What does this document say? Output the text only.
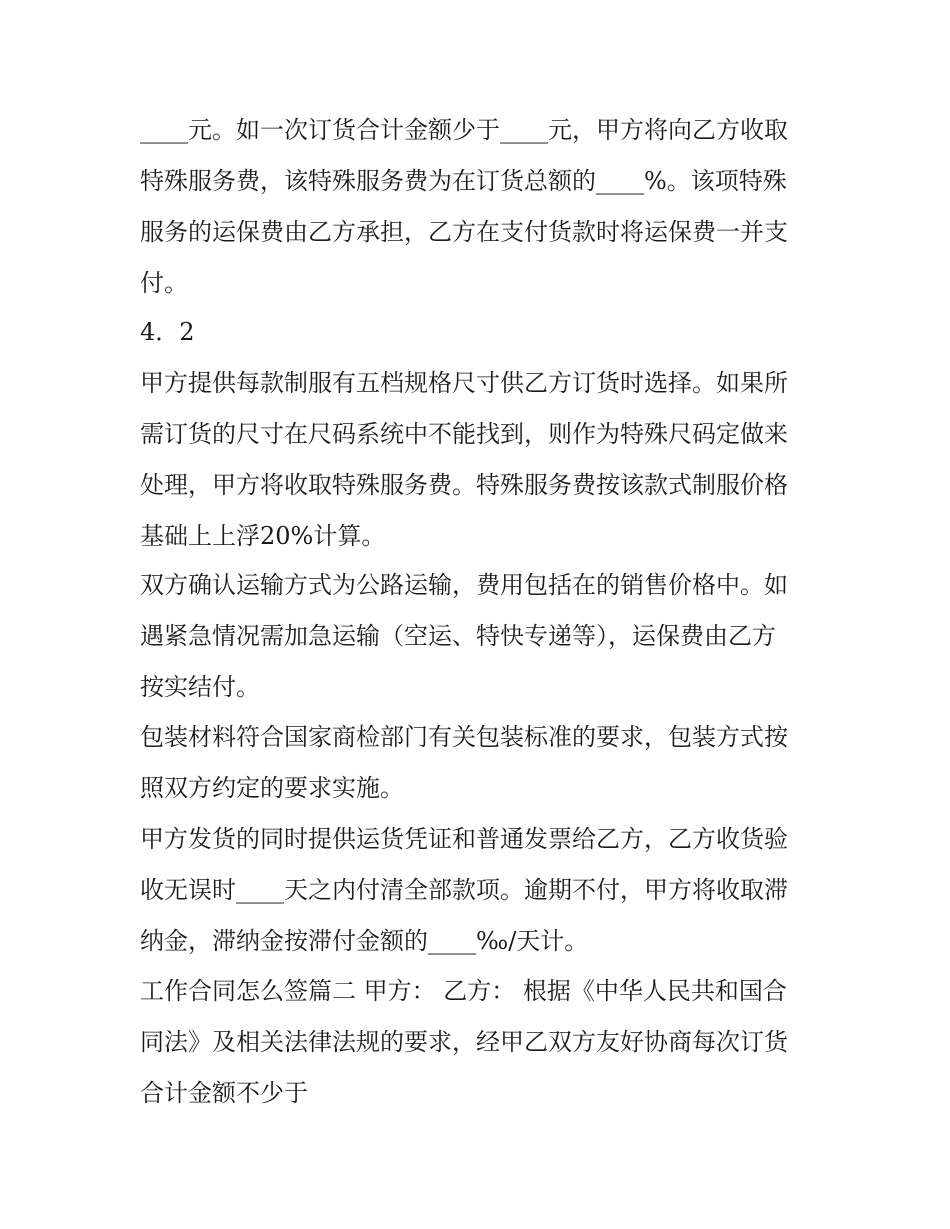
____元。如一次订货合计金额少于____元，甲方将向乙方收取
特殊服务费，该特殊服务费为在订货总额的____%。该项特殊
服务的运保费由乙方承担，乙方在支付货款时将运保费一并支
付。
4．2
甲方提供每款制服有五档规格尺寸供乙方订货时选择。如果所
需订货的尺寸在尺码系统中不能找到，则作为特殊尺码定做来
处理，甲方将收取特殊服务费。特殊服务费按该款式制服价格
基础上上浮20%计算。
双方确认运输方式为公路运输，费用包括在的销售价格中。如
遇紧急情况需加急运输（空运、特快专递等），运保费由乙方
按实结付。
包装材料符合国家商检部门有关包装标准的要求，包装方式按
照双方约定的要求实施。
甲方发货的同时提供运货凭证和普通发票给乙方，乙方收货验
收无误时____天之内付清全部款项。逾期不付，甲方将收取滞
纳金，滞纳金按滞付金额的____‰/天计。
工作合同怎么签篇二 甲方： 乙方： 根据《中华人民共和国合
同法》及相关法律法规的要求，经甲乙双方友好协商每次订货
合计金额不少于
